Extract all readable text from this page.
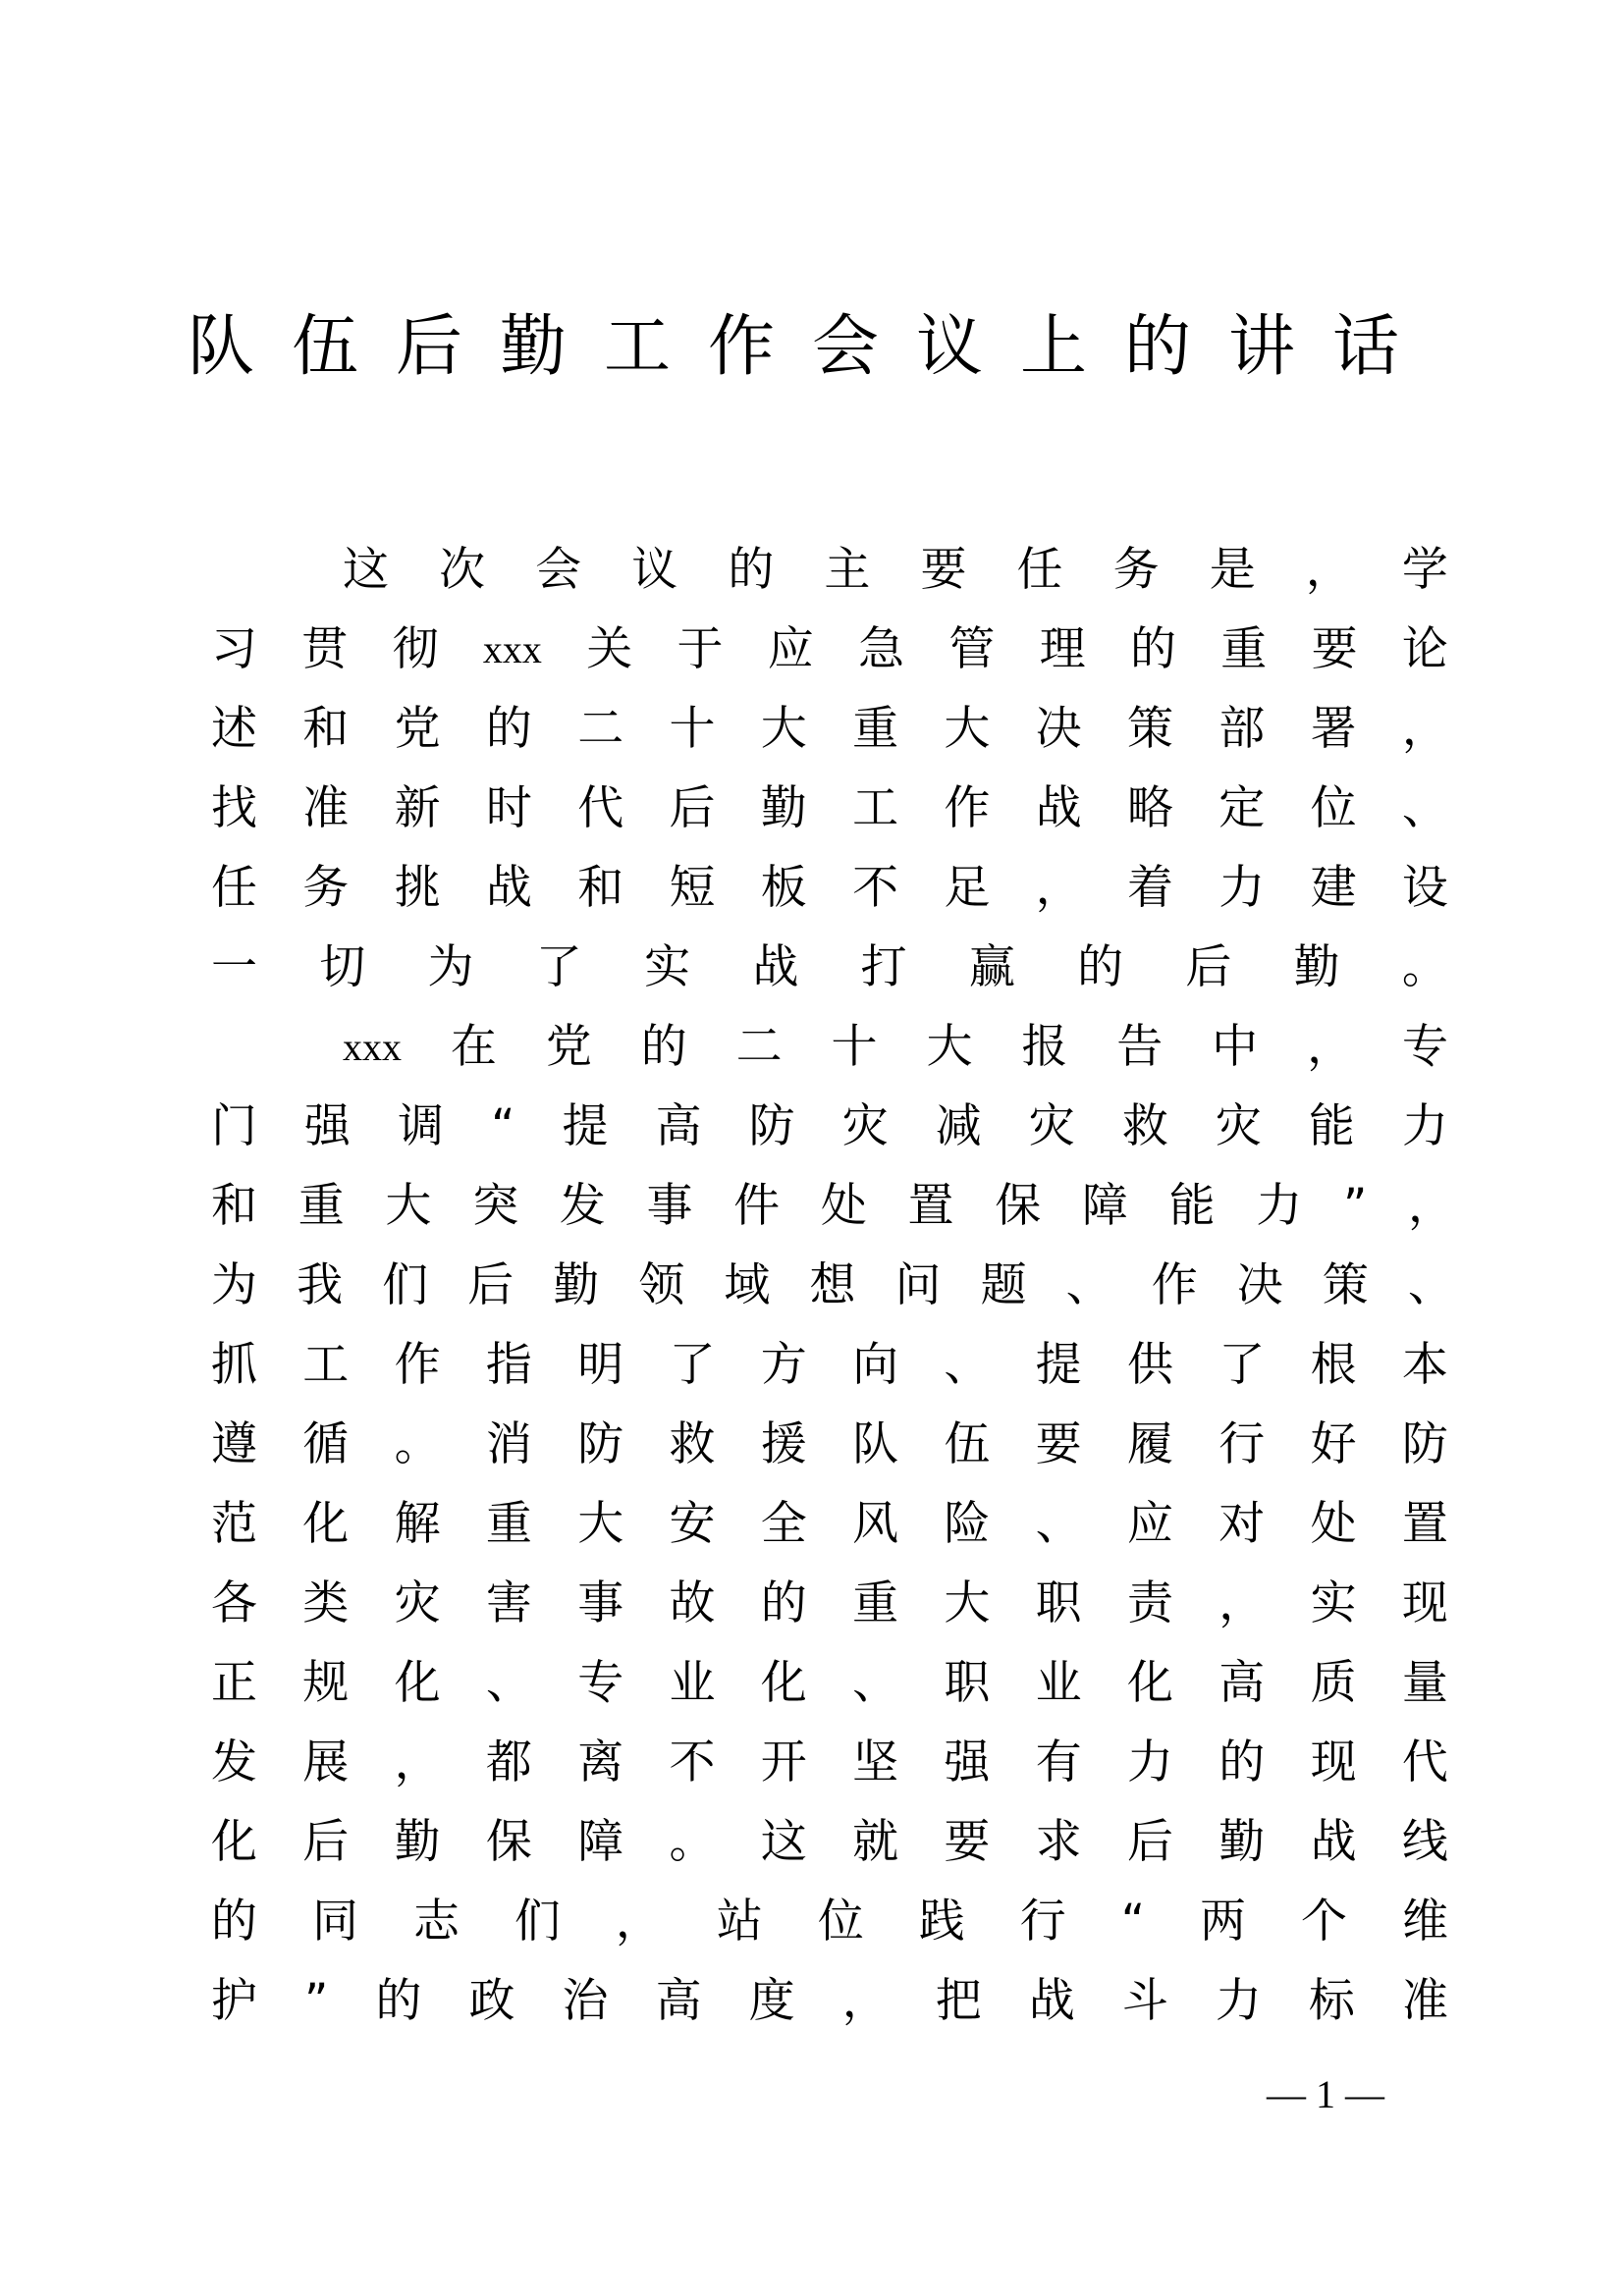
队伍后勤工作会议上的讲话
这 次 会 议 的 主 要 任 务 是 ， 学
习 贯 彻 xxx 关 于 应 急 管 理 的 重 要 论
述 和 党 的 二 十 大 重 大 决 策 部 署 ，
找 准 新 时 代 后 勤 工 作 战 略 定 位 、
任 务 挑 战 和 短 板 不 足 ， 着 力 建 设
一 切 为 了 实 战 打 赢 的 后 勤 。
xxx 在 党 的 二 十 大 报 告 中 ， 专
门 强 调 “ 提 高 防 灾 减 灾 救 灾 能 力
和 重 大 突 发 事 件 处 置 保 障 能 力 ” ，
为 我 们 后 勤 领 域 想 问 题 、 作 决 策 、
抓 工 作 指 明 了 方 向 、 提 供 了 根 本
遵 循 。 消 防 救 援 队 伍 要 履 行 好 防
范 化 解 重 大 安 全 风 险 、 应 对 处 置
各 类 灾 害 事 故 的 重 大 职 责 ， 实 现
正 规 化 、 专 业 化 、 职 业 化 高 质 量
发 展 ， 都 离 不 开 坚 强 有 力 的 现 代
化 后 勤 保 障 。 这 就 要 求 后 勤 战 线
的 同 志 们 ， 站 位 践 行 “ 两 个 维
护 ” 的 政 治 高 度 ， 把 战 斗 力 标 准
— 1 —
